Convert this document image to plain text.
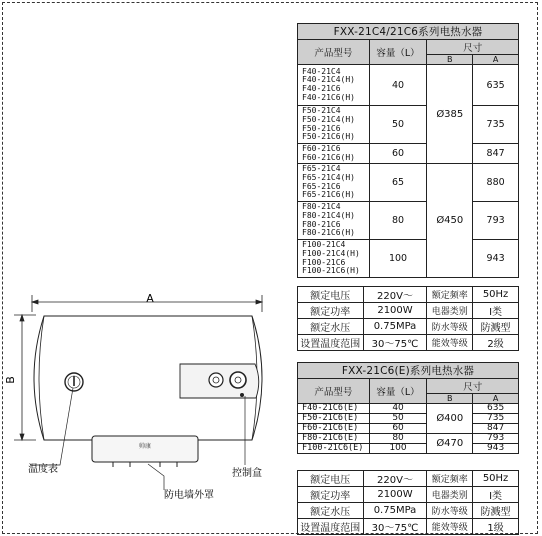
FXX-21C4/21C6系列电热水器			
产品型号	容量（L）	尺寸	
		B	A

F40-21C4
F40-21C4(H)
F40-21C6
F40-21C6(H)	40	Ø385	635

F50-21C4
F50-21C4(H)
F50-21C6
F50-21C6(H)	50		735

F60-21C6
F60-21C6(H)	60		847

F65-21C4
F65-21C4(H)
F65-21C6
F65-21C6(H)	65	Ø450	880

F80-21C4
F80-21C4(H)
F80-21C6
F80-21C6(H)	80		793

F100-21C4
F100-21C4(H)
F100-21C6
F100-21C6(H)	100		943
额定电压	220V～	额定频率	50Hz
额定功率	2100W	电器类别	I类
额定水压	0.75MPa	防水等级	防溅型
设置温度范围	30～75℃	能效等级	2级
FXX-21C6(E)系列电热水器			
产品型号	容量（L）	尺寸	
		B	A
F40-21C6(E)	40	Ø400	635
F50-21C6(E)	50		735
F60-21C6(E)	60		847
F80-21C6(E)	80	Ø470	793
F100-21C6(E)	100		943
额定电压	220V～	额定频率	50Hz
额定功率	2100W	电器类别	I类
额定水压	0.75MPa	防水等级	防溅型
设置温度范围	30～75℃	能效等级	1级
A
B
帅康
温度表
防电墙外罩
控制盒
